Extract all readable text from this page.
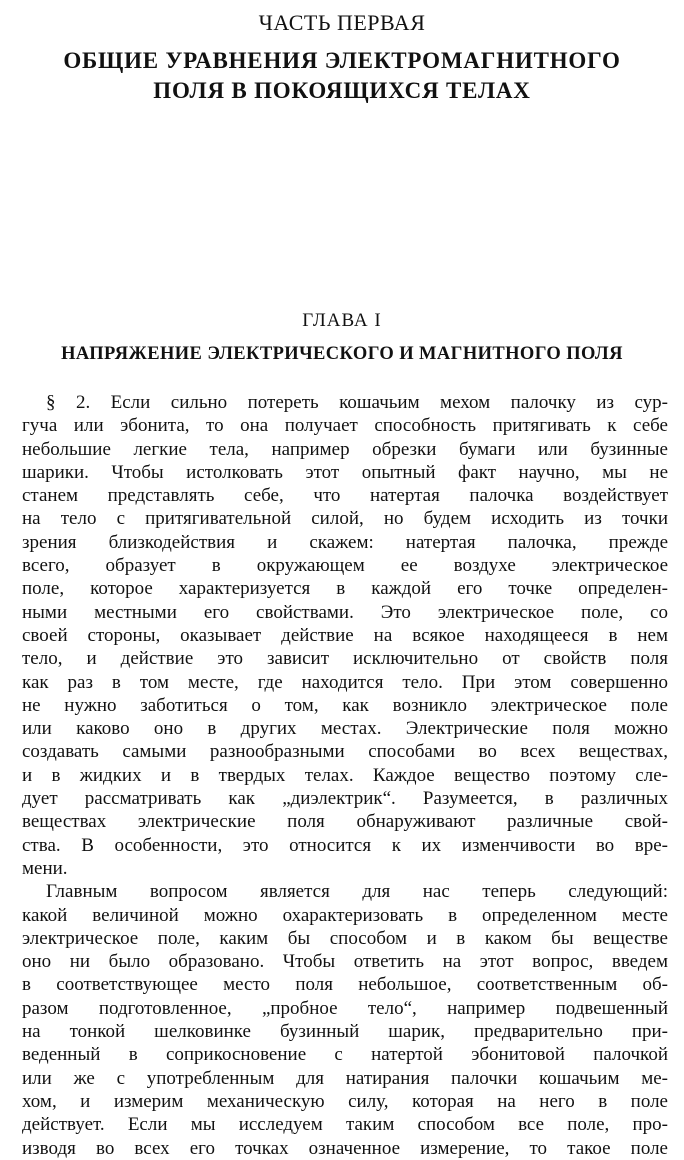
ЧАСТЬ ПЕРВАЯ
ОБЩИЕ УРАВНЕНИЯ ЭЛЕКТРОМАГНИТНОГО
ПОЛЯ В ПОКОЯЩИХСЯ ТЕЛАХ
ГЛАВА I
НАПРЯЖЕНИЕ ЭЛЕКТРИЧЕСКОГО И МАГНИТНОГО ПОЛЯ

§ 2. Если сильно потереть кошачьим мехом палочку из сур-
гуча или эбонита, то она получает способность притягивать к себе
небольшие легкие тела, например обрезки бумаги или бузинные
шарики. Чтобы истолковать этот опытный факт научно, мы не
станем представлять себе, что натертая палочка воздействует
на тело с притягивательной силой, но будем исходить из точки
зрения близкодействия и скажем: натертая палочка, прежде
всего, образует в окружающем ее воздухе электрическое
поле, которое характеризуется в каждой его точке определен-
ными местными его свойствами. Это электрическое поле, со
своей стороны, оказывает действие на всякое находящееся в нем
тело, и действие это зависит исключительно от свойств поля
как раз в том месте, где находится тело. При этом совершенно
не нужно заботиться о том, как возникло электрическое поле
или каково оно в других местах. Электрические поля можно
создавать самыми разнообразными способами во всех веществах,
и в жидких и в твердых телах. Каждое вещество поэтому сле-
дует рассматривать как „диэлектрик“. Разумеется, в различных
веществах электрические поля обнаруживают различные свой-
ства. В особенности, это относится к их изменчивости во вре-
мени.

Главным вопросом является для нас теперь следующий:
какой величиной можно охарактеризовать в определенном месте
электрическое поле, каким бы способом и в каком бы веществе
оно ни было образовано. Чтобы ответить на этот вопрос, введем
в соответствующее место поля небольшое, соответственным об-
разом подготовленное, „пробное тело“, например подвешенный
на тонкой шелковинке бузинный шарик, предварительно при-
веденный в соприкосновение с натертой эбонитовой палочкой
или же с употребленным для натирания палочки кошачьим ме-
хом, и измерим механическую силу, которая на него в поле
действует. Если мы исследуем таким способом все поле, про-
изводя во всех его точках означенное измерение, то такое поле
